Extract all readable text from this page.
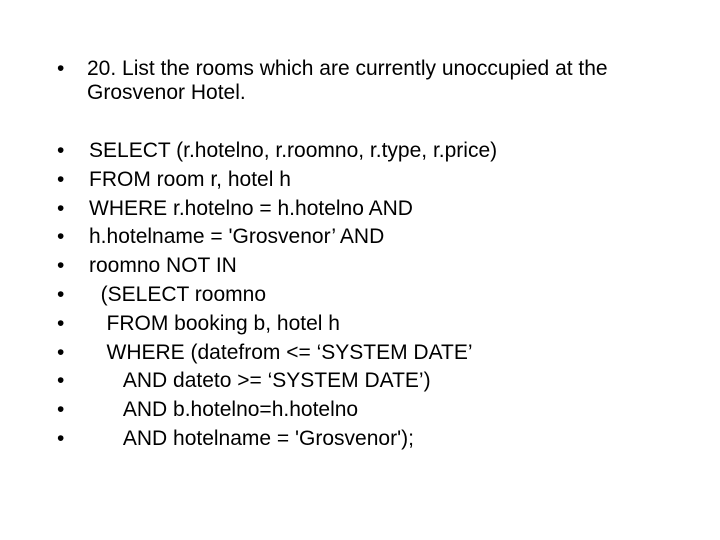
• 20. List the rooms which are currently unoccupied at the Grosvenor Hotel.

•

SELECT (r.hotelno, r.roomno, r.type, r.price)

•

FROM room r, hotel h

•

WHERE r.hotelno = h.hotelno AND

•

h.hotelname = 'Grosvenor’ AND

•

roomno NOT IN

•

(SELECT roomno

•

FROM booking b, hotel h

•

WHERE (datefrom <= ‘SYSTEM DATE’

•

AND dateto >= ‘SYSTEM DATE’)

•

AND b.hotelno=h.hotelno

•

AND hotelname = 'Grosvenor');
